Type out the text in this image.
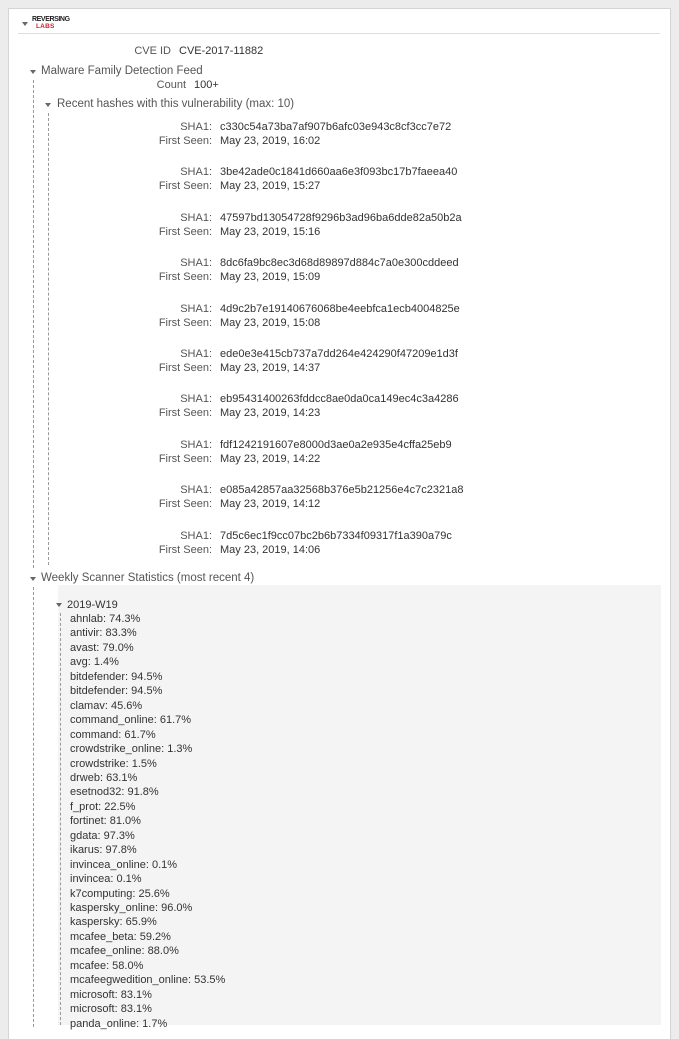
REVERSING
LABS
CVE ID CVE-2017-11882
Malware Family Detection Feed
Count 100+
Recent hashes with this vulnerability (max: 10)
SHA1: c330c54a73ba7af907b6afc03e943c8cf3cc7e72
First Seen: May 23, 2019, 16:02
SHA1: 3be42ade0c1841d660aa6e3f093bc17b7faeea40
First Seen: May 23, 2019, 15:27
SHA1: 47597bd13054728f9296b3ad96ba6dde82a50b2a
First Seen: May 23, 2019, 15:16
SHA1: 8dc6fa9bc8ec3d68d89897d884c7a0e300cddeed
First Seen: May 23, 2019, 15:09
SHA1: 4d9c2b7e19140676068be4eebfca1ecb4004825e
First Seen: May 23, 2019, 15:08
SHA1: ede0e3e415cb737a7dd264e424290f47209e1d3f
First Seen: May 23, 2019, 14:37
SHA1: eb95431400263fddcc8ae0da0ca149ec4c3a4286
First Seen: May 23, 2019, 14:23
SHA1: fdf1242191607e8000d3ae0a2e935e4cffa25eb9
First Seen: May 23, 2019, 14:22
SHA1: e085a42857aa32568b376e5b21256e4c7c2321a8
First Seen: May 23, 2019, 14:12
SHA1: 7d5c6ec1f9cc07bc2b6b7334f09317f1a390a79c
First Seen: May 23, 2019, 14:06
Weekly Scanner Statistics (most recent 4)
2019-W19
ahnlab: 74.3%
antivir: 83.3%
avast: 79.0%
avg: 1.4%
bitdefender: 94.5%
bitdefender: 94.5%
clamav: 45.6%
command_online: 61.7%
command: 61.7%
crowdstrike_online: 1.3%
crowdstrike: 1.5%
drweb: 63.1%
esetnod32: 91.8%
f_prot: 22.5%
fortinet: 81.0%
gdata: 97.3%
ikarus: 97.8%
invincea_online: 0.1%
invincea: 0.1%
k7computing: 25.6%
kaspersky_online: 96.0%
kaspersky: 65.9%
mcafee_beta: 59.2%
mcafee_online: 88.0%
mcafee: 58.0%
mcafeegwedition_online: 53.5%
microsoft: 83.1%
microsoft: 83.1%
panda_online: 1.7%
